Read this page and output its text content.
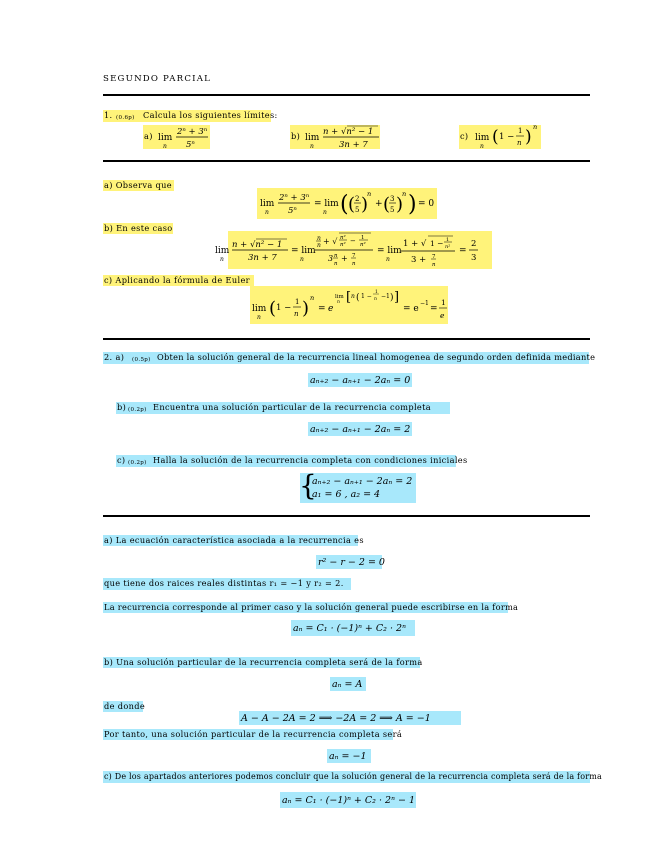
SEGUNDO PARCIAL
1. (0.6p) Calcula los siguientes límites:
a) lim
n
2ⁿ + 3ⁿ
5ⁿ
b) lim
n
n + √n² − 1
3n + 7
c) lim
n ( 1 −
1
n ) n
a) Observa que
lim
n
2ⁿ + 3ⁿ
5ⁿ
= lim
n ( ( 2
5 )
n
+ ( 3
5 )
n ) = 0
b) En este caso
lim
n
n + √n² − 1
3n + 7
= lim
n
n
n + √ n²
n² − 1
n²
3 n
n
+ 7
n
= lim
n
1 + √ 1 − 1
n²
3 + 7
n
=
2
3
c) Aplicando la fórmula de Euler
lim
n ( 1 −
1
n ) n
= e
lim
n [ n ( 1 −
1
n −1 ) ]
= e
−1
=
1
e
2. a) (0.5p) Obten la solución general de la recurrencia lineal homogenea de segundo orden definida mediante
aₙ₊₂ − aₙ₊₁ − 2aₙ = 0
b) (0.2p) Encuentra una solución particular de la recurrencia completa
aₙ₊₂ − aₙ₊₁ − 2aₙ = 2
c) (0.2p) Halla la solución de la recurrencia completa con condiciones iniciales
{
aₙ₊₂ − aₙ₊₁ − 2aₙ = 2
a₁ = 6 , a₂ = 4
a) La ecuación característica asociada a la recurrencia es
r² − r − 2 = 0
que tiene dos raices reales distintas r₁ = −1 y r₂ = 2.
La recurrencia corresponde al primer caso y la solución general puede escribirse en la forma
aₙ = C₁ · (−1)ⁿ + C₂ · 2ⁿ
b) Una solución particular de la recurrencia completa será de la forma
aₙ = A
de donde
A − A − 2A = 2 ⟹ −2A = 2 ⟹ A = −1
Por tanto, una solución particular de la recurrencia completa será
aₙ = −1
c) De los apartados anteriores podemos concluir que la solución general de la recurrencia completa será de la forma
aₙ = C₁ · (−1)ⁿ + C₂ · 2ⁿ − 1
